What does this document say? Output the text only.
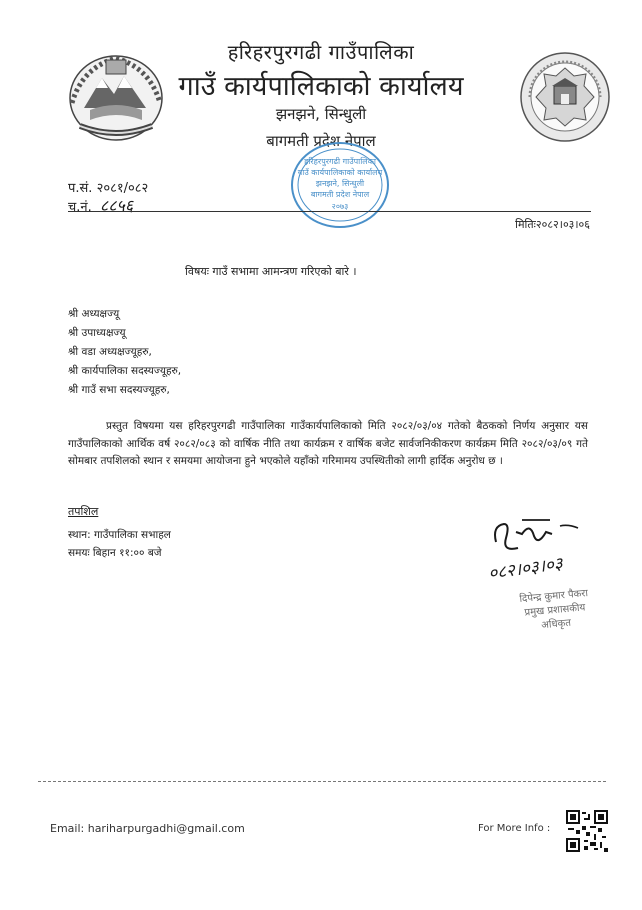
हरिहरपुरगढी गाउँपालिका
गाउँ कार्यपालिकाको कार्यालय
झनझने, सिन्धुली
बागमती प्रदेश नेपाल
हरिहरपुरगढी गाउँपालिका
गाउँ कार्यपालिकाको कार्यालय
झनझने, सिन्धुली
बागमती प्रदेश नेपाल
२०७३
प.सं. २०८१/०८२
च.नं. ८८५६
मितिः२०८२।०३।०६
विषयः गाउँ सभामा आमन्त्रण गरिएको बारे ।
श्री अध्यक्षज्यू
श्री उपाध्यक्षज्यू
श्री वडा अध्यक्षज्यूहरु,
श्री कार्यपालिका सदस्यज्यूहरु,
श्री गाउँ सभा सदस्यज्यूहरु,
प्रस्तुत विषयमा यस हरिहरपुरगढी गाउँपालिका गाउँकार्यपालिकाको मिति २०८२/०३/०४ गतेको बैठकको निर्णय अनुसार यस गाउँपालिकाको आर्थिक वर्ष २०८२/०८३ को वार्षिक नीति तथा कार्यक्रम र वार्षिक बजेट सार्वजनिकीकरण कार्यक्रम मिति २०८२/०३/०९ गते सोमबार तपशिलको स्थान र समयमा आयोजना हुने भएकोले यहाँको गरिमामय उपस्थितीको लागी हार्दिक अनुरोध छ ।
तपशिल
स्थान: गाउँपालिका सभाहल
समयः बिहान ११:०० बजे
०८२।०३।०३
दिपेन्द्र कुमार पैकरा
प्रमुख प्रशासकीय अधिकृत
Email: hariharpurgadhi@gmail.com	For More Info :
